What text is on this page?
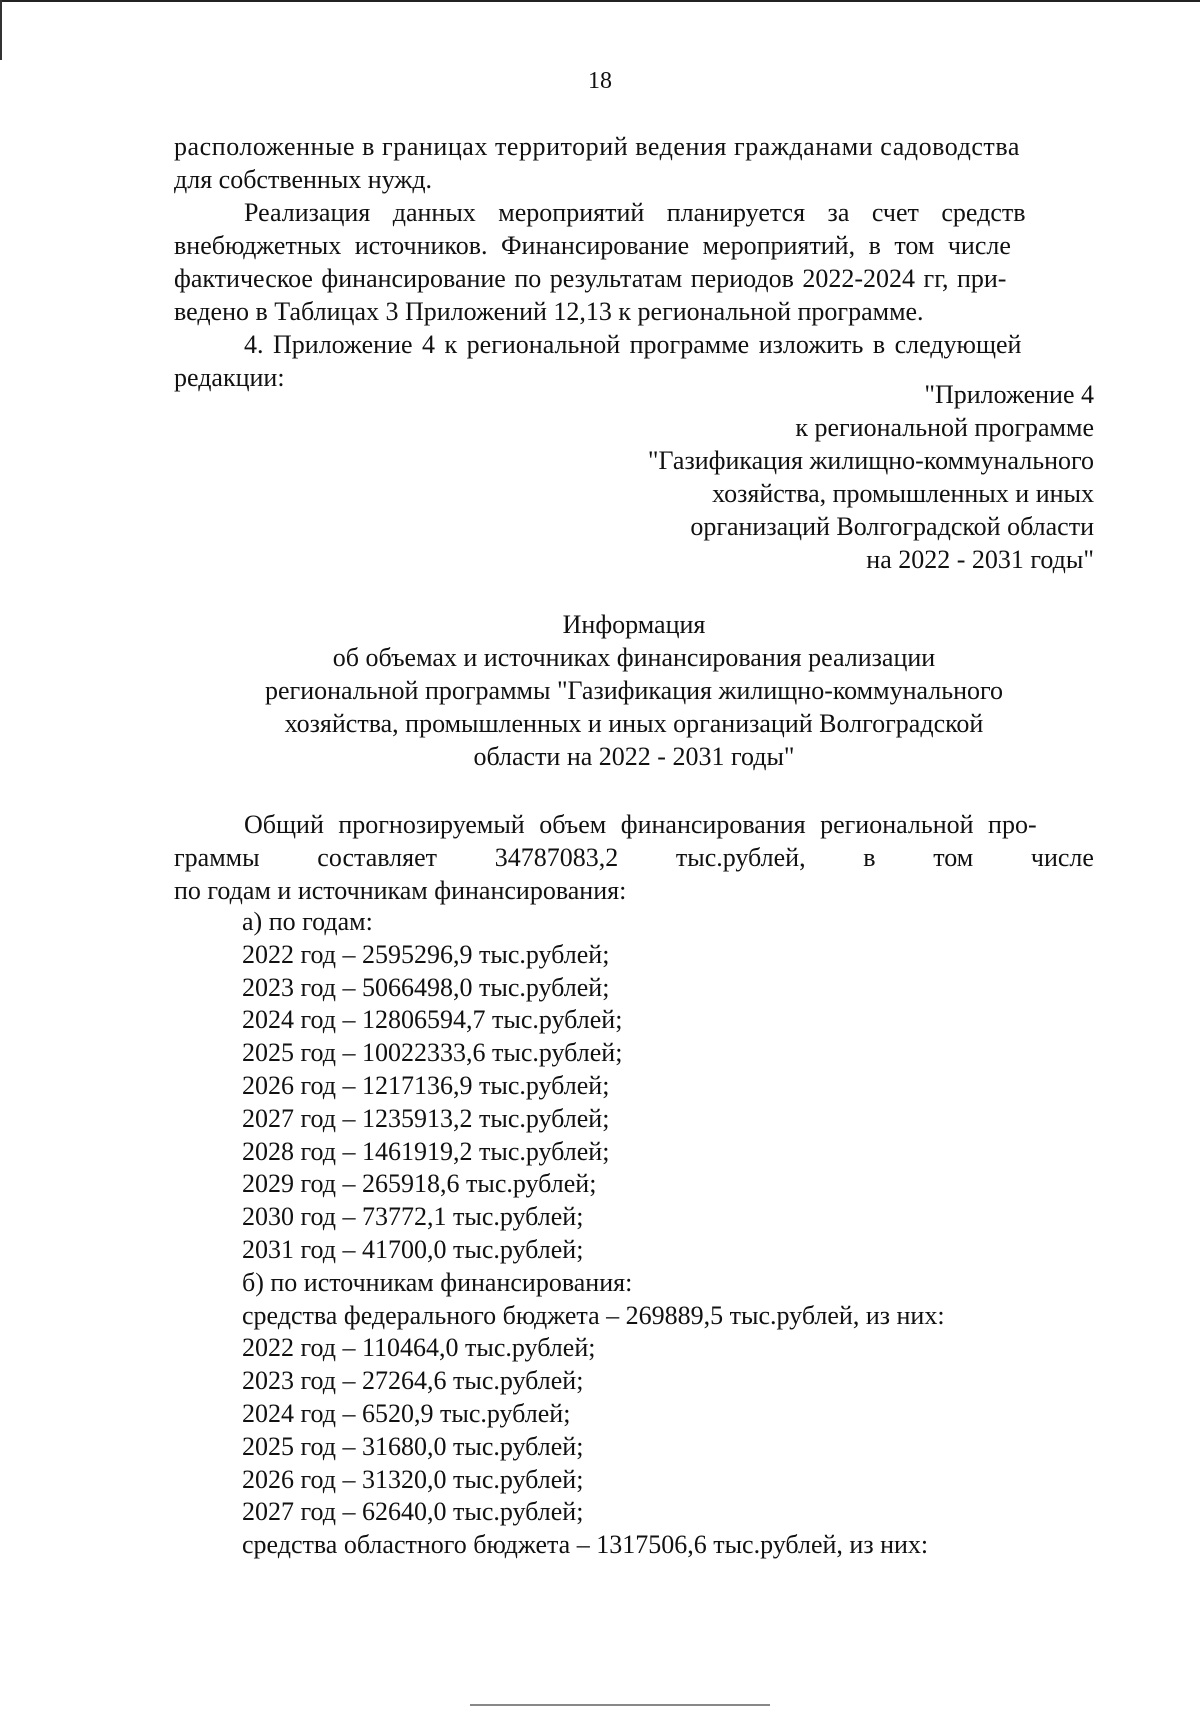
18
расположенные в границах территорий ведения гражданами садоводства
для собственных нужд.
Реализация данных мероприятий планируется за счет средств
внебюджетных источников. Финансирование мероприятий, в том числе
фактическое финансирование по результатам периодов 2022-2024 гг, при-
ведено в Таблицах 3 Приложений 12,13 к региональной программе.
4. Приложение 4 к региональной программе изложить в следующей
редакции:
"Приложение 4
к региональной программе
"Газификация жилищно-коммунального
хозяйства, промышленных и иных
организаций Волгоградской области
на 2022 - 2031 годы"
Информация
об объемах и источниках финансирования реализации
региональной программы "Газификация жилищно-коммунального
хозяйства, промышленных и иных организаций Волгоградской
области на 2022 - 2031 годы"
Общий прогнозируемый объем финансирования региональной про-
граммы составляет 34787083,2 тыс.рублей, в том числе
по годам и источникам финансирования:
а) по годам:
2022 год – 2595296,9 тыс.рублей;
2023 год – 5066498,0 тыс.рублей;
2024 год – 12806594,7 тыс.рублей;
2025 год – 10022333,6 тыс.рублей;
2026 год – 1217136,9 тыс.рублей;
2027 год – 1235913,2 тыс.рублей;
2028 год – 1461919,2 тыс.рублей;
2029 год – 265918,6 тыс.рублей;
2030 год – 73772,1 тыс.рублей;
2031 год – 41700,0 тыс.рублей;
б) по источникам финансирования:
средства федерального бюджета – 269889,5 тыс.рублей, из них:
2022 год – 110464,0 тыс.рублей;
2023 год – 27264,6 тыс.рублей;
2024 год – 6520,9 тыс.рублей;
2025 год – 31680,0 тыс.рублей;
2026 год – 31320,0 тыс.рублей;
2027 год – 62640,0 тыс.рублей;
средства областного бюджета – 1317506,6 тыс.рублей, из них:
